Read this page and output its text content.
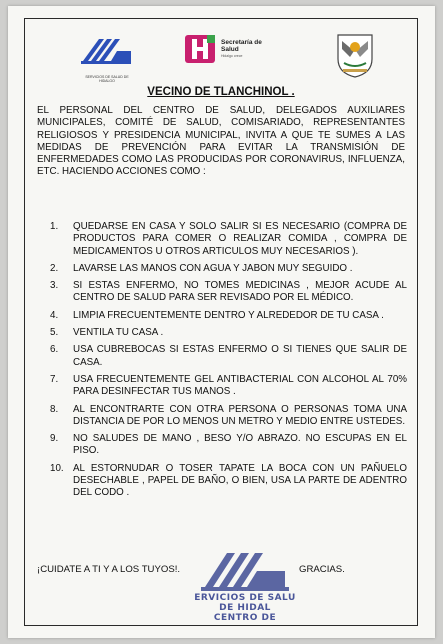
SERVICIOS DE SALUD DE HIDALGO
Secretaría de
Salud
Hidalgo crece
VECINO DE TLANCHINOL .
EL PERSONAL DEL CENTRO DE SALUD, DELEGADOS AUXILIARES MUNICIPALES, COMITÉ DE SALUD, COMISARIADO, REPRESENTANTES RELIGIOSOS Y PRESIDENCIA MUNICIPAL, INVITA A QUE TE SUMES A LAS MEDIDAS DE PREVENCIÓN PARA EVITAR LA TRANSMISIÓN DE ENFERMEDADES COMO LAS PRODUCIDAS POR CORONAVIRUS, INFLUENZA, ETC. HACIENDO ACCIONES COMO :
1. QUEDARSE EN CASA Y SOLO SALIR SI ES NECESARIO (COMPRA DE PRODUCTOS PARA COMER O REALIZAR COMIDA , COMPRA DE MEDICAMENTOS U OTROS ARTICULOS MUY NECESARIOS ).
2. LAVARSE LAS MANOS CON AGUA Y JABON MUY SEGUIDO .
3. SI ESTAS ENFERMO, NO TOMES MEDICINAS , MEJOR ACUDE AL CENTRO DE SALUD PARA SER REVISADO POR EL MÉDICO.
4. LIMPIA FRECUENTEMENTE DENTRO Y ALREDEDOR DE TU CASA .
5. VENTILA TU CASA .
6. USA CUBREBOCAS SI ESTAS ENFERMO O SI TIENES QUE SALIR DE CASA.
7. USA FRECUENTEMENTE GEL ANTIBACTERIAL CON ALCOHOL AL 70% PARA DESINFECTAR TUS MANOS .
8. AL ENCONTRARTE CON OTRA PERSONA O PERSONAS TOMA UNA DISTANCIA DE POR LO MENOS UN METRO Y MEDIO ENTRE USTEDES.
9. NO SALUDES DE MANO , BESO Y/O ABRAZO. NO ESCUPAS EN EL PISO.
10. AL ESTORNUDAR O TOSER TAPATE LA BOCA CON UN PAÑUELO DESECHABLE , PAPEL DE BAÑO, O BIEN, USA LA PARTE DE ADENTRO DEL CODO .
¡CUIDATE A TI Y A LOS TUYOS!.	GRACIAS.
ERVICIOS DE SALU
DE HIDAL
CENTRO DE
